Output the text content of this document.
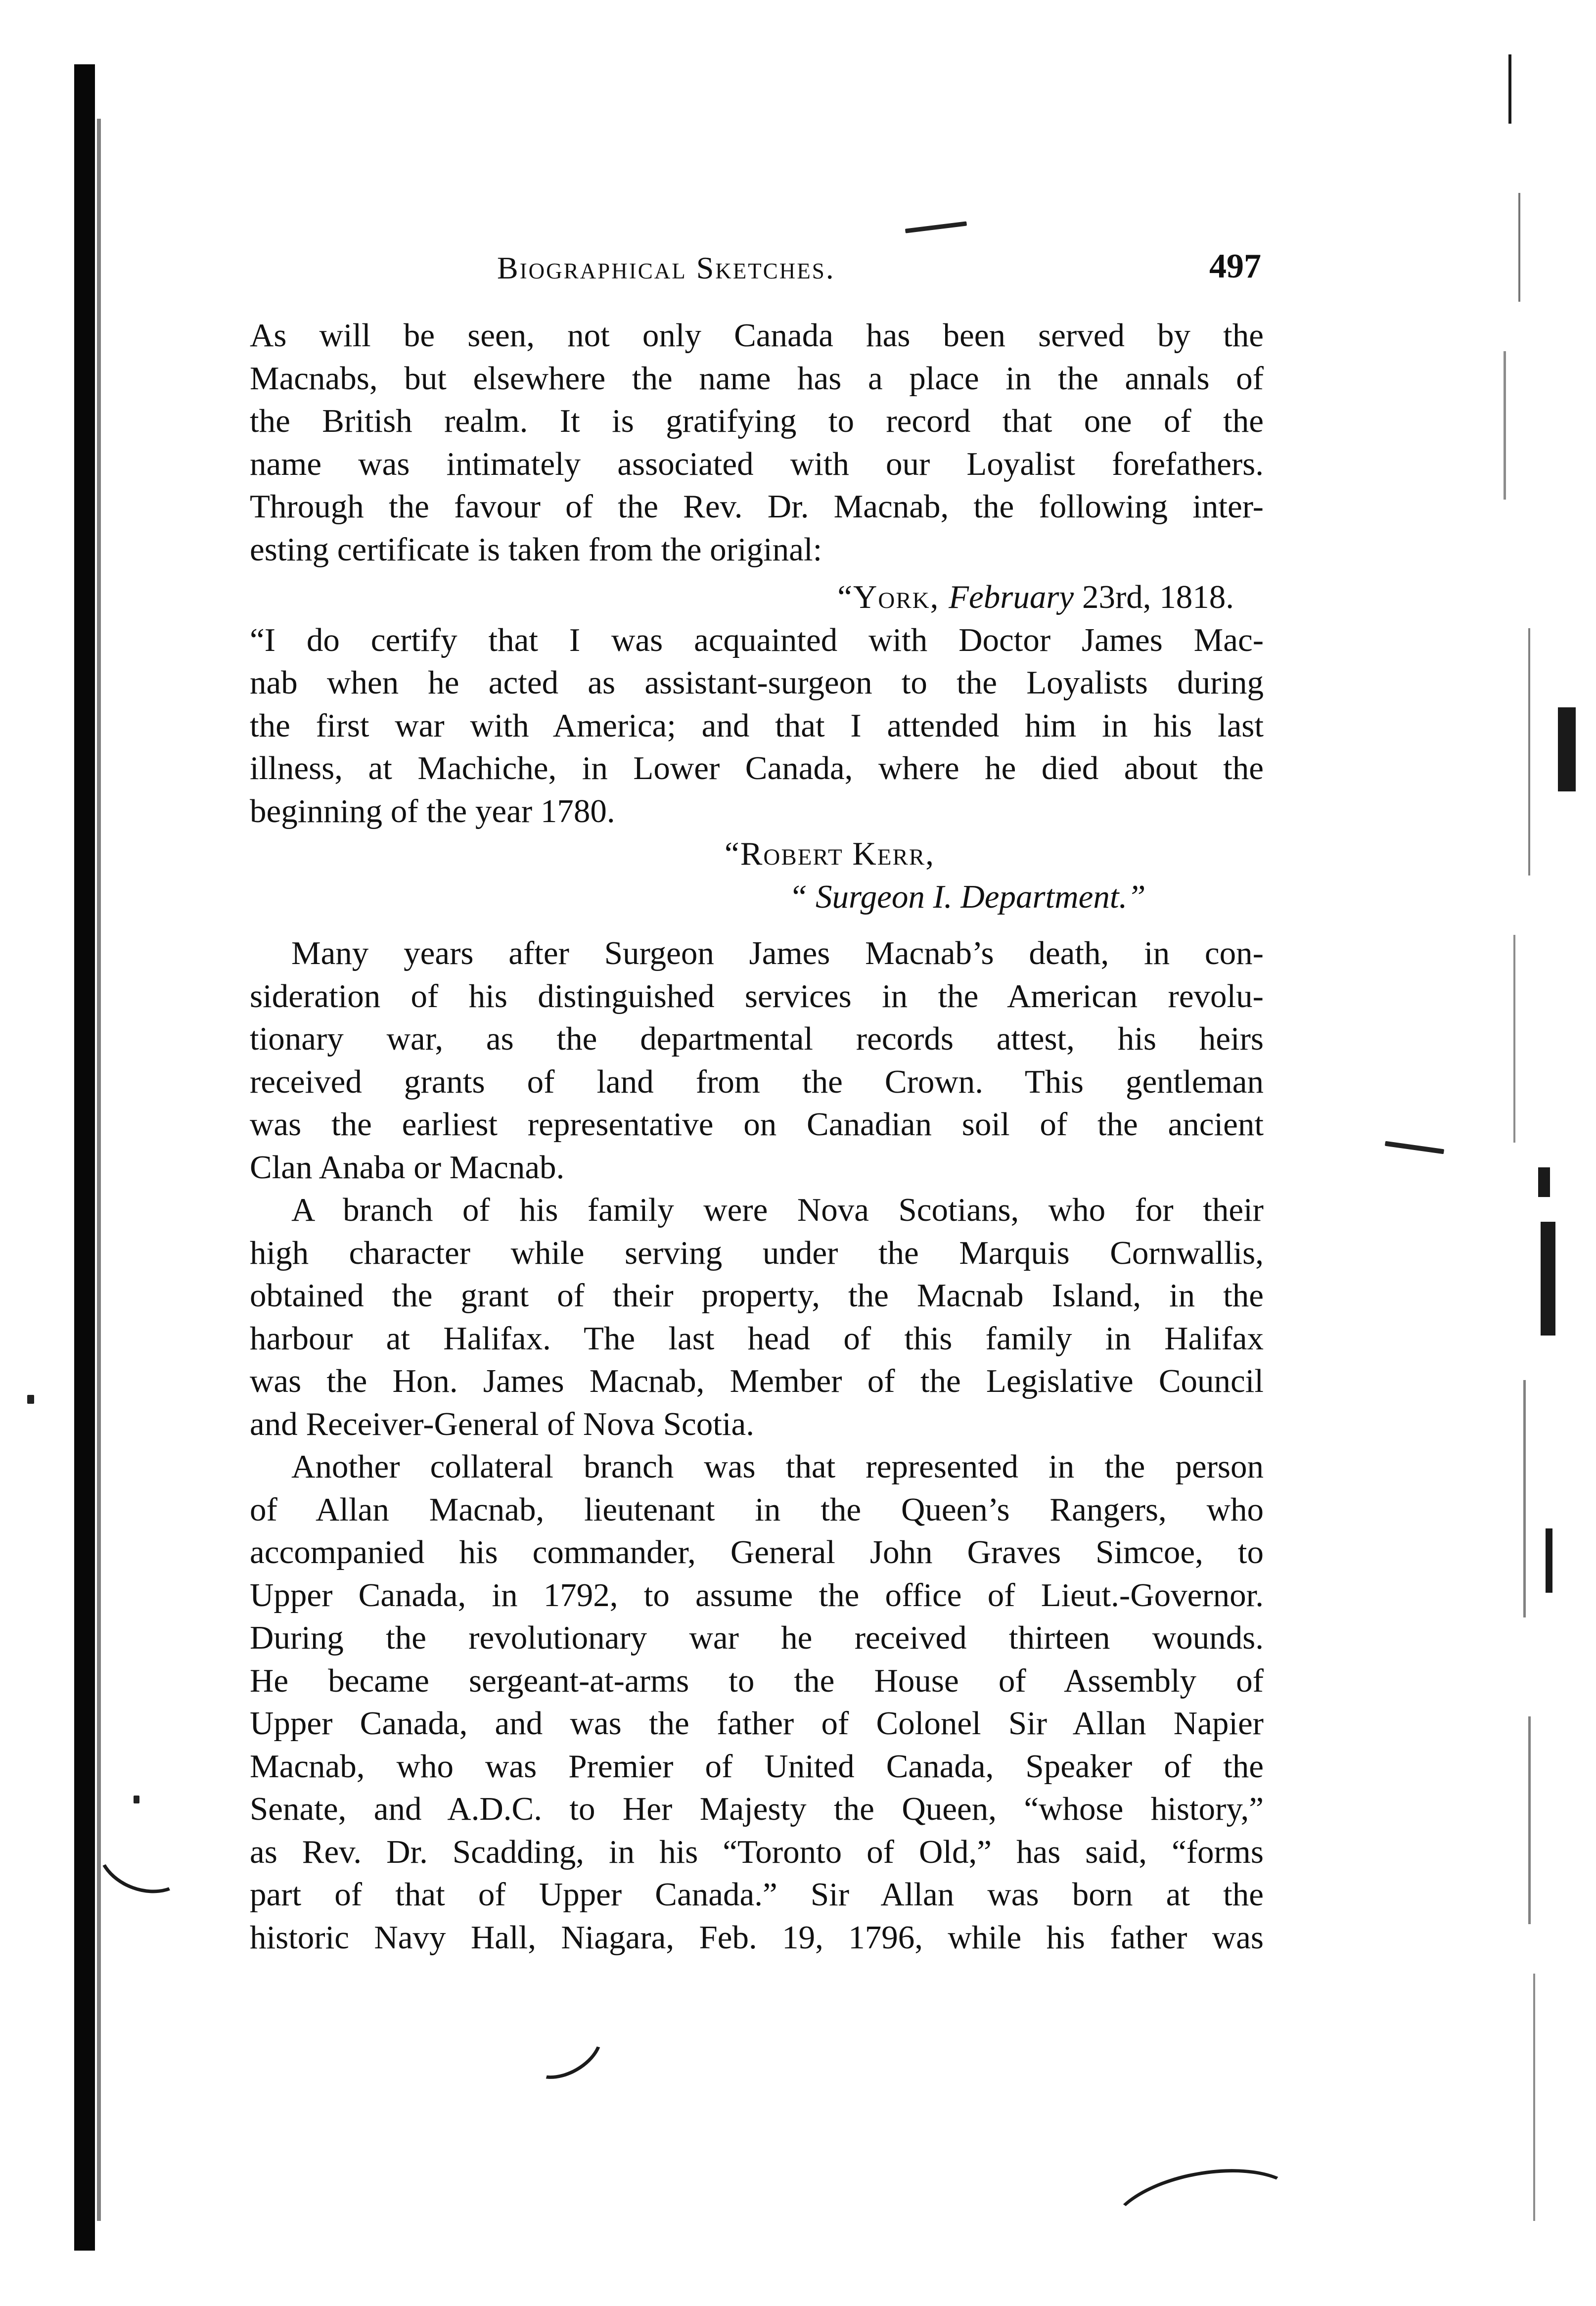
Biographical Sketches.	497

As will be seen, not only Canada has been served by the
Macnabs, but elsewhere the name has a place in the annals of
the British realm. It is gratifying to record that one of the
name was intimately associated with our Loyalist forefathers.
Through the favour of the Rev. Dr. Macnab, the following inter-
esting certificate is taken from the original:

“York, February 23rd, 1818.

“I do certify that I was acquainted with Doctor James Mac-
nab when he acted as assistant-surgeon to the Loyalists during
the first war with America; and that I attended him in his last
illness, at Machiche, in Lower Canada, where he died about the
beginning of the year 1780.

“Robert Kerr,
“ Surgeon I. Department.”

Many years after Surgeon James Macnab’s death, in con-
sideration of his distinguished services in the American revolu-
tionary war, as the departmental records attest, his heirs
received grants of land from the Crown. This gentleman
was the earliest representative on Canadian soil of the ancient
Clan Anaba or Macnab.

A branch of his family were Nova Scotians, who for their
high character while serving under the Marquis Cornwallis,
obtained the grant of their property, the Macnab Island, in the
harbour at Halifax. The last head of this family in Halifax
was the Hon. James Macnab, Member of the Legislative Council
and Receiver-General of Nova Scotia.

Another collateral branch was that represented in the person
of Allan Macnab, lieutenant in the Queen’s Rangers, who
accompanied his commander, General John Graves Simcoe, to
Upper Canada, in 1792, to assume the office of Lieut.-Governor.
During the revolutionary war he received thirteen wounds.
He became sergeant-at-arms to the House of Assembly of
Upper Canada, and was the father of Colonel Sir Allan Napier
Macnab, who was Premier of United Canada, Speaker of the
Senate, and A.D.C. to Her Majesty the Queen, “whose history,”
as Rev. Dr. Scadding, in his “Toronto of Old,” has said, “forms
part of that of Upper Canada.” Sir Allan was born at the
historic Navy Hall, Niagara, Feb. 19, 1796, while his father was
